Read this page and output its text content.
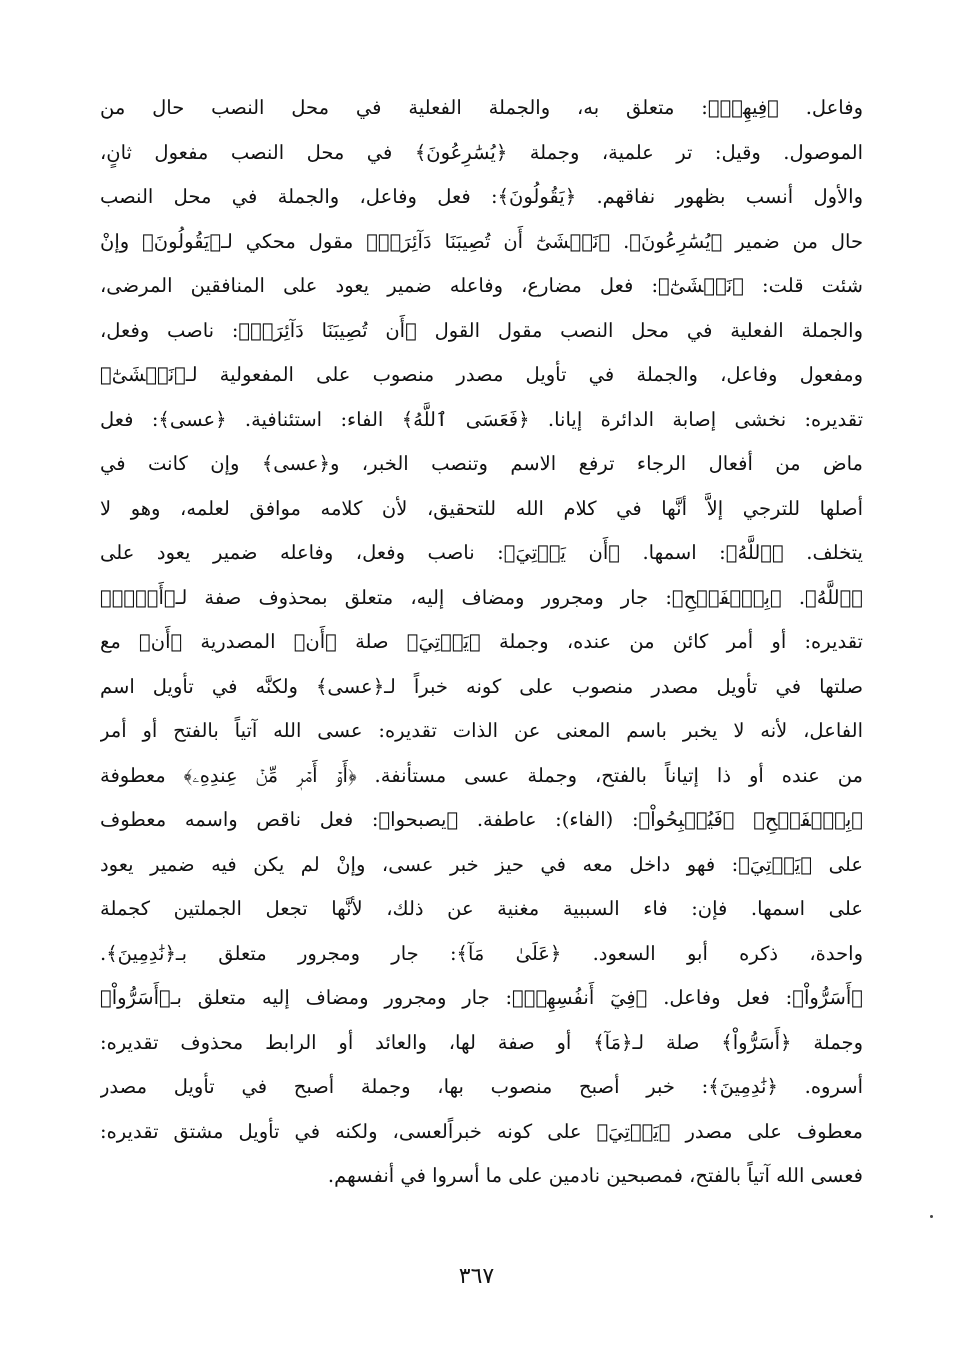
وفاعل. ﴿فِيهِمۡ﴾: متعلق به، والجملة الفعلية في محل النصب حال من
الموصول. وقيل: تر علمية، وجملة ﴿يُسَٰرِعُونَ﴾ في محل النصب مفعول ثانٍ،
والأول أنسب بظهور نفاقهم. ﴿يَقُولُونَ﴾: فعل وفاعل، والجملة في محل النصب
حال من ضمير ﴿يُسَٰرِعُونَ﴾. ﴿نَخۡشَىٰٓ أَن تُصِيبَنَا دَآئِرَةٞ﴾ مقول محكي لـ﴿يَقُولُونَ﴾ وإنْ
شئت قلت: ﴿نَخۡشَىٰٓ﴾: فعل مضارع، وفاعله ضمير يعود على المنافقين المرضى،
والجملة الفعلية في محل النصب مقول القول ﴿أَن تُصِيبَنَا دَآئِرَةٞ﴾: ناصب وفعل،
ومفعول وفاعل، والجملة في تأويل مصدر منصوب على المفعولية لـ﴿نَخۡشَىٰٓ﴾
تقديره: نخشى إصابة الدائرة إيانا. ﴿فَعَسَى ٱللَّهُ﴾ الفاء: استئنافية. ﴿عسى﴾: فعل
ماض من أفعال الرجاء ترفع الاسم وتنصب الخبر، و﴿عسى﴾ وإن كانت في
أصلها للترجي إلاَّ أنَّها في كلام الله للتحقيق، لأن كلامه موافق لعلمه، وهو لا
يتخلف. ﴿ٱللَّهُ﴾: اسمها. ﴿أَن يَأۡتِيَ﴾: ناصب وفعل، وفاعله ضمير يعود على
﴿ٱللَّهُ﴾. ﴿بِٱلۡفَتۡحِ﴾: جار ومجرور ومضاف إليه، متعلق بمحذوف صفة لـ﴿أَمۡرٖ﴾
تقديره: أو أمر كائن من عنده، وجملة ﴿يَأۡتِيَ﴾ صلة ﴿أَن﴾ المصدرية ﴿أَن﴾ مع
صلتها في تأويل مصدر منصوب على كونه خبراً لـ﴿عسى﴾ ولكنَّه في تأويل اسم
الفاعل، لأنه لا يخبر باسم المعنى عن الذات تقديره: عسى الله آتياً بالفتح أو أمر
من عنده أو ذا إتياناً بالفتح، وجملة عسى مستأنفة. ﴿أَوۡ أَمۡرٖ مِّنۡ عِندِهِۦ﴾ معطوفة
﴿بِٱلۡفَتۡحِ﴾ ﴿فَيُصۡبِحُواْ﴾: (الفاء): عاطفة. ﴿يصبحوا﴾: فعل ناقص واسمه معطوف
على ﴿يَأۡتِيَ﴾: فهو داخل معه في حيز خبر عسى، وإنْ لم يكن فيه ضمير يعود
على اسمها. فإن: فاء السببية مغنية عن ذلك، لأنَّها تجعل الجملتين كجملة
واحدة، ذكره أبو السعود. ﴿عَلَىٰ مَآ﴾: جار ومجرور متعلق بـ﴿نَٰدِمِينَ﴾.
﴿أَسَرُّواْ﴾: فعل وفاعل. ﴿فِيٓ أَنفُسِهِمۡ﴾: جار ومجرور ومضاف إليه متعلق بـ﴿أَسَرُّواْ﴾
وجملة ﴿أَسَرُّواْ﴾ صلة لـ﴿مَآ﴾ أو صفة لها، والعائد أو الرابط محذوف تقديره:
أسروه. ﴿نَٰدِمِينَ﴾: خبر أصبح منصوب بها، وجملة أصبح في تأويل مصدر
معطوف على مصدر ﴿يَأۡتِيَ﴾ على كونه خبراًلعسى، ولكنه في تأويل مشتق تقديره:
فعسى الله آتياً بالفتح، فمصبحين نادمين على ما أسروا في أنفسهم.
٣٦٧
